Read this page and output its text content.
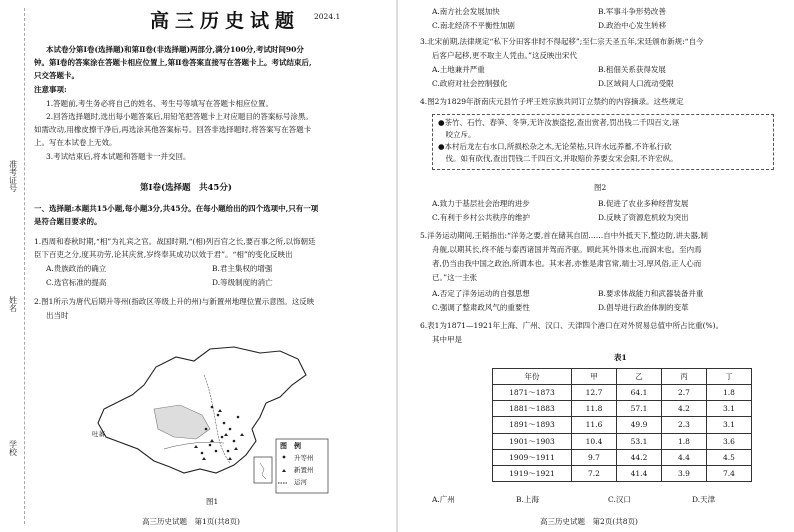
准考证号
姓名
学校
高三历史试题 2024.1
本试卷分第Ⅰ卷(选择题)和第Ⅱ卷(非选择题)两部分,满分100分,考试时间90分
钟。第Ⅰ卷的答案涂在答题卡相应位置上,第Ⅱ卷答案直接写在答题卡上。考试结束后,
只交答题卡。
注意事项:
1.答题前,考生务必将自己的姓名、考生号等填写在答题卡相应位置。
2.回答选择题时,选出每小题答案后,用铅笔把答题卡上对应题目的答案标号涂黑。
如需改动,用橡皮擦干净后,再选涂其他答案标号。回答非选择题时,将答案写在答题卡
上。写在本试卷上无效。
3.考试结束后,将本试题和答题卡一并交回。
第Ⅰ卷(选择题　共45分)
一、选择题:本题共15小题,每小题3分,共45分。在每小题给出的四个选项中,只有一项
是符合题目要求的。
1.西周和春秋时期,“相”为礼宾之官。战国时期,“(相)列百官之长,要百事之所,以饰朝廷
臣下百吏之分,度其功劳,论其庆赏,岁终奉其成功以效于君”。“相”的变化反映出
A.贵族政治的确立	B.君主集权的增强
C.选官标准的提高	D.等级制度的消亡
2.图1所示为唐代后期升等州(指政区等级上升的州)与新置州地理位置示意图。这反映
出当时
吐蕃
图　例
升等州
新置州
运河
图1
高三历史试题　第1页(共8页)
A.南方社会发展加快	B.军事斗争形势改善
C.南北经济不平衡性加剧	D.政治中心发生转移
3.北宋前期,法律规定“私下分田客非时不得起移”;至仁宗天圣五年,宋廷颁布新规:“自今
后客户起移,更不取主人凭由。”这反映出宋代
A.土地兼并严重	B.租佃关系获得发展
C.政府对社会控制强化	D.区域间人口流动受限
4.图2为1829年浙南庆元县竹子坪王姓宗族共同订立禁约的内容摘录。这些规定
●茶竹、石竹、春笋、冬笋,无许汝族盗挖,查出赏者,罚出钱二千四百文,诬
　咬立斥。
●本村后龙左右水口,所损松杂之木,无论荣枯,只许水远养蓄,不许私行砍
　伐。如有砍伐,查出罚钱二千四百文,并取赔价养要女宋会阳,不许宏纵。
图2
A.致力于基层社会治理的进步	B.促进了农业多种经营发展
C.有利于乡村公共秩序的维护	D.反映了资源危机较为突出
5.洋务运动期间,王韬指出:“洋务之要,首在储其自固……自中外抵天下,整边防,讲夫器,制
舟舰,以期其长,终不能与泰西诸国并驾而齐驱。顾此其外得末也,而泅末也。至内焉
者,仍当由我中国之政治,所谓本也。其末者,亦惟是肃官常,端士习,厚风俗,正人心而
已。”这一主张
A.否定了洋务运动的自强思想	B.要求体战能力和武器装备并重
C.强调了整肃政风气的重要性	D.倡导进行政治体制的变革
6.表1为1871—1921年上海、广州、汉口、天津四个港口在对外贸易总值中所占比重(%)。
其中甲是
表1
年份	甲	乙	丙	丁
1871～1873	12.7	64.1	2.7	1.8
1881～1883	11.8	57.1	4.2	3.1
1891～1893	11.6	49.9	2.3	3.1
1901～1903	10.4	53.1	1.8	3.6
1909～1911	9.7	44.2	4.4	4.5
1919～1921	7.2	41.4	3.9	7.4
A.广州	B.上海	C.汉口	D.天津
高三历史试题　第2页(共8页)
